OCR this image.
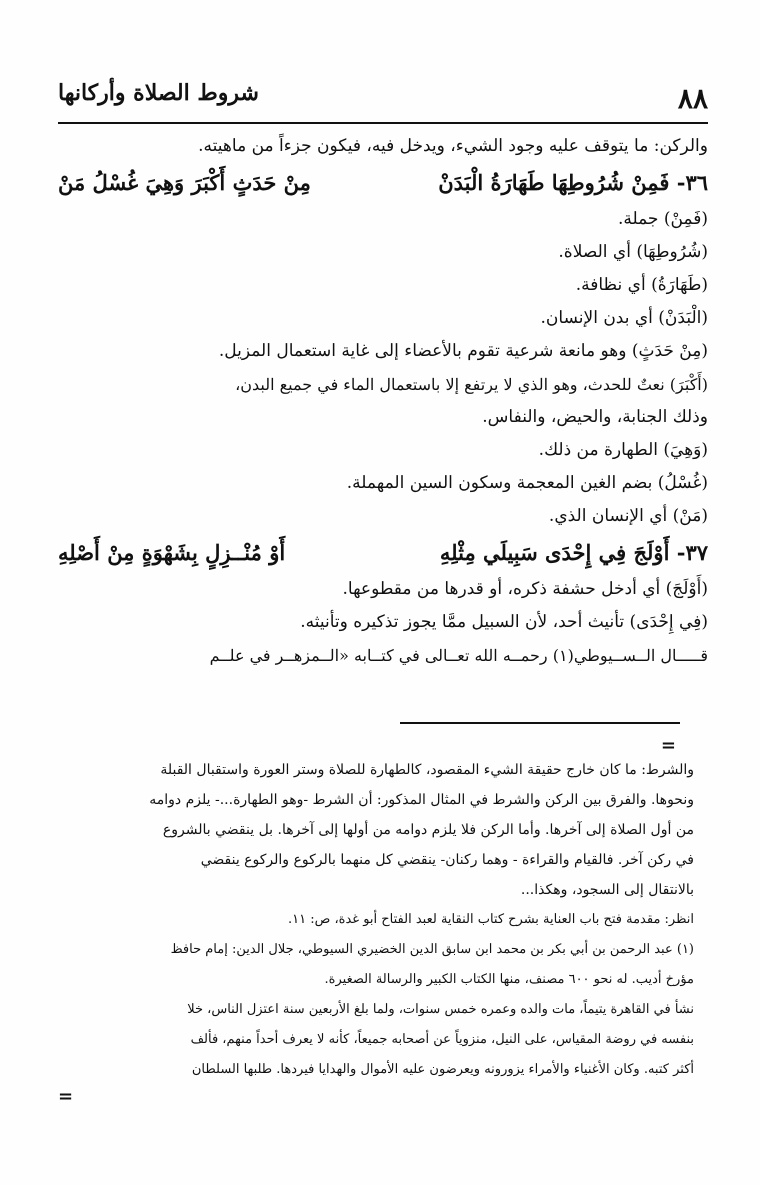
٨٨
شروط الصلاة وأركانها
والركن: ما يتوقف عليه وجود الشيء، ويدخل فيه، فيكون جزءاً من ماهيته.
٣٦- فَمِنْ شُرُوطِهَا طَهَارَةُ الْبَدَنْ
مِنْ حَدَثٍ أَكْبَرَ وَهِيَ غُسْلُ مَنْ
(فَمِنْ) جملة.
(شُرُوطِهَا) أي الصلاة.
(طَهَارَةُ) أي نظافة.
(الْبَدَنْ) أي بدن الإنسان.
(مِنْ حَدَثٍ) وهو مانعة شرعية تقوم بالأعضاء إلى غاية استعمال المزيل.
(أَكْبَرَ) نعتٌ للحدث، وهو الذي لا يرتفع إلا باستعمال الماء في جميع البدن،
وذلك الجنابة، والحيض، والنفاس.
(وَهِيَ) الطهارة من ذلك.
(غُسْلُ) بضم الغين المعجمة وسكون السين المهملة.
(مَنْ) أي الإنسان الذي.
٣٧- أَوْلَجَ فِي إِحْدَى سَبِيلَي مِثْلِهِ
أَوْ مُنْــزِلٍ بِشَهْوَةٍ مِنْ أَصْلِهِ
(أَوْلَجَ) أي أدخل حشفة ذكره، أو قدرها من مقطوعها.
(فِي إِحْدَى) تأنيث أحد، لأن السبيل ممَّا يجوز تذكيره وتأنيثه.
قـــــال الــســيوطي(١) رحمــه الله تعــالى في كتــابه «الــمزهــر في علــم
=
والشرط: ما كان خارج حقيقة الشيء المقصود، كالطهارة للصلاة وستر العورة واستقبال القبلة
ونحوها. والفرق بين الركن والشرط في المثال المذكور: أن الشرط -وهو الطهارة...- يلزم دوامه
من أول الصلاة إلى آخرها. وأما الركن فلا يلزم دوامه من أولها إلى آخرها. بل ينقضي بالشروع
في ركن آخر. فالقيام والقراءة - وهما ركنان- ينقضي كل منهما بالركوع والركوع ينقضي
بالانتقال إلى السجود، وهكذا...
انظر: مقدمة فتح باب العناية بشرح كتاب النقاية لعبد الفتاح أبو غدة، ص: ١١.
(١) عبد الرحمن بن أبي بكر بن محمد ابن سابق الدين الخضيري السيوطي، جلال الدين: إمام حافظ
مؤرخ أديب. له نحو ٦٠٠ مصنف، منها الكتاب الكبير والرسالة الصغيرة.
نشأ في القاهرة يتيماً، مات والده وعمره خمس سنوات، ولما بلغ الأربعين سنة اعتزل الناس، خلا
بنفسه في روضة المقياس، على النيل، منزوياً عن أصحابه جميعاً، كأنه لا يعرف أحداً منهم، فألف
أكثر كتبه. وكان الأغنياء والأمراء يزورونه ويعرضون عليه الأموال والهدايا فيردها. طلبها السلطان
=
